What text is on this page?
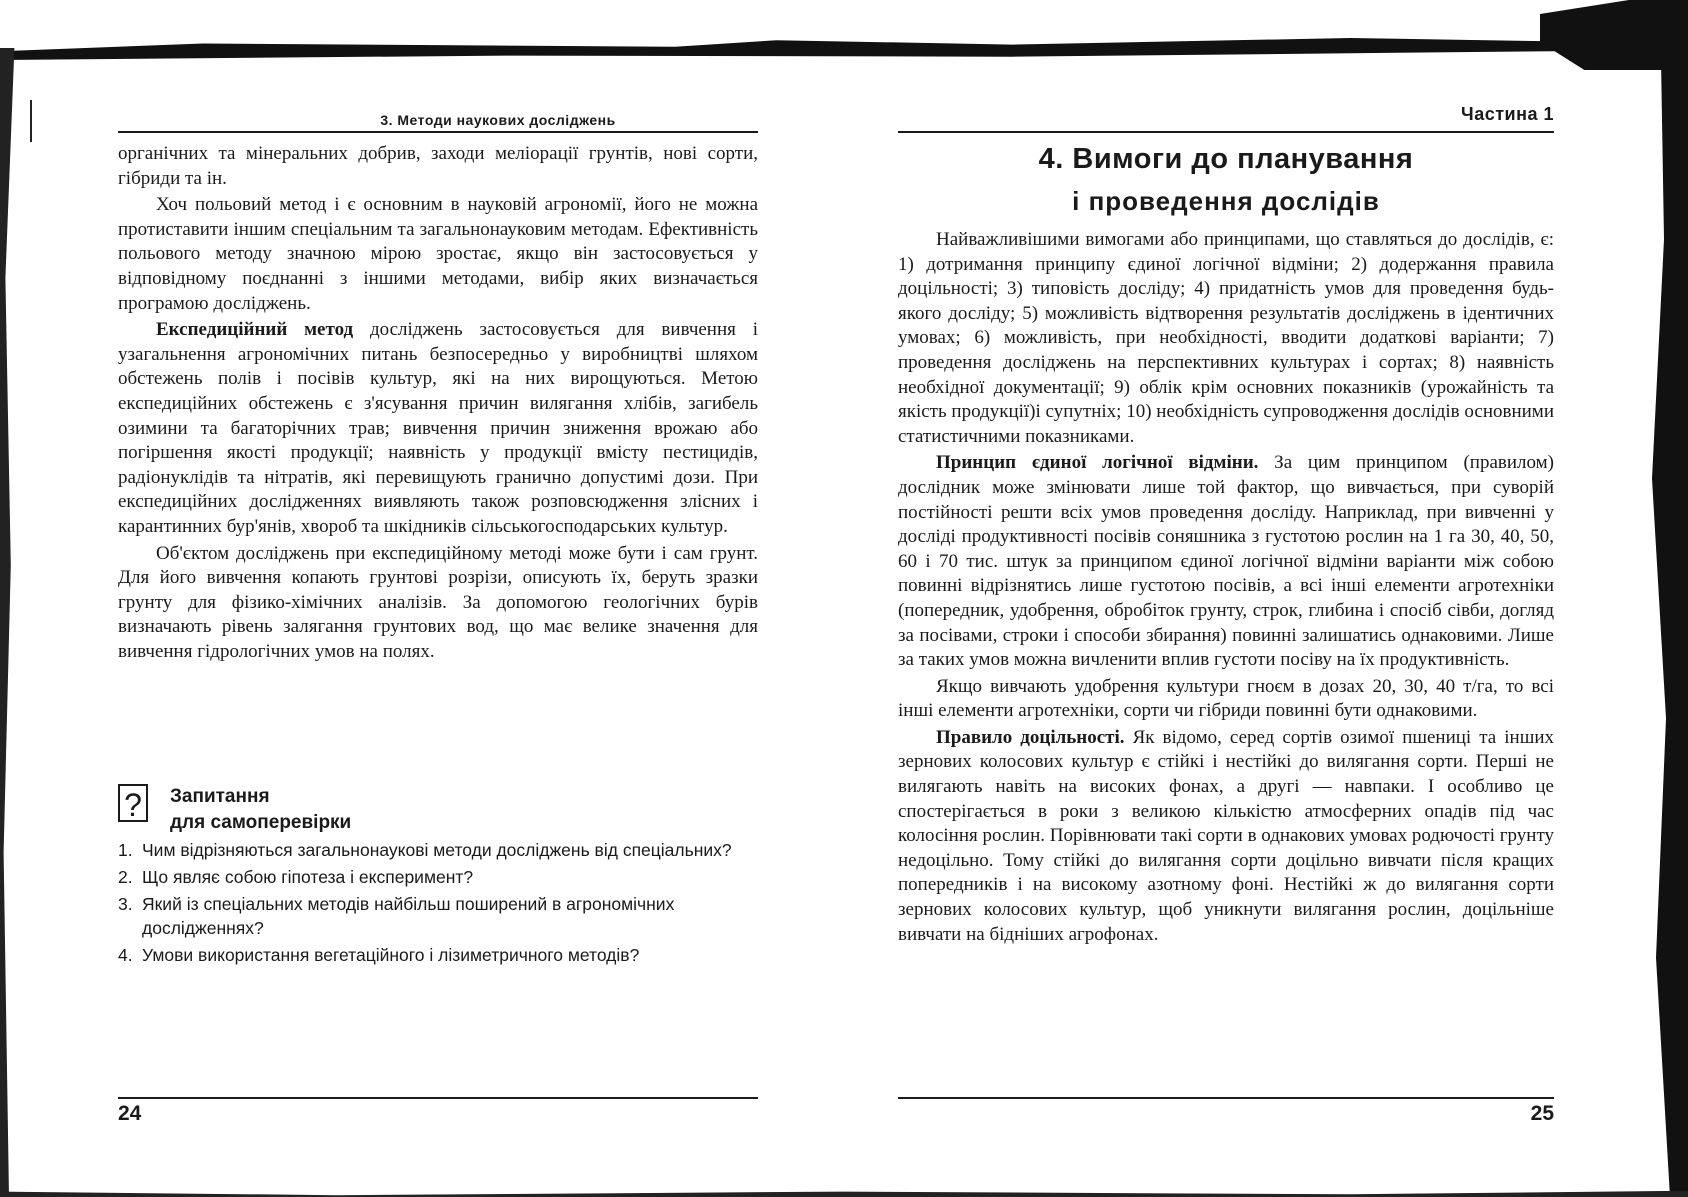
3. Методи наукових досліджень

органічних та мінеральних добрив, заходи меліорації грунтів, нові сорти, гібриди та ін.

Хоч польовий метод і є основним в науковій агрономії, його не можна протиставити іншим спеціальним та загальнонауковим методам. Ефективність польового методу значною мірою зростає, якщо він застосовується у відповідному поєднанні з іншими методами, вибір яких визначається програмою досліджень.

Експедиційний метод досліджень застосовується для вивчення і узагальнення агрономічних питань безпосередньо у виробництві шляхом обстежень полів і посівів культур, які на них вирощуються. Метою експедиційних обстежень є з'ясування причин вилягання хлібів, загибель озимини та багаторічних трав; вивчення причин зниження врожаю або погіршення якості продукції; наявність у продукції вмісту пестицидів, радіонуклідів та нітратів, які перевищують гранично допустимі дози. При експедиційних дослідженнях виявляють також розповсюдження злісних і карантинних бур'янів, хвороб та шкідників сільськогосподарських культур.

Об'єктом досліджень при експедиційному методі може бути і сам грунт. Для його вивчення копають грунтові розрізи, описують їх, беруть зразки грунту для фізико-хімічних аналізів. За допомогою геологічних бурів визначають рівень залягання грунтових вод, що має велике значення для вивчення гідрологічних умов на полях.

?	Запитання
для самоперевірки
1. Чим відрізняються загальнонаукові методи досліджень від спеціальних?
2. Що являє собою гіпотеза і експеримент?
3. Який із спеціальних методів найбільш поширений в агрономічних дослідженнях?
4. Умови використання вегетаційного і лізиметричного методів?
24
Частина 1
4. Вимоги до планування
і проведення дослідів

Найважливішими вимогами або принципами, що ставляться до дослідів, є: 1) дотримання принципу єдиної логічної відміни; 2) додержання правила доцільності; 3) типовість досліду; 4) придатність умов для проведення будь-якого досліду; 5) можливість відтворення результатів досліджень в ідентичних умовах; 6) можливість, при необхідності, вводити додаткові варіанти; 7) проведення досліджень на перспективних культурах і сортах; 8) наявність необхідної документації; 9) облік крім основних показників (урожайність та якість продукції)і супутніх; 10) необхідність супроводження дослідів основними статистичними показниками.

Принцип єдиної логічної відміни. За цим принципом (правилом) дослідник може змінювати лише той фактор, що вивчається, при суворій постійності решти всіх умов проведення досліду. Наприклад, при вивченні у досліді продуктивності посівів соняшника з густотою рослин на 1 га 30, 40, 50, 60 і 70 тис. штук за принципом єдиної логічної відміни варіанти між собою повинні відрізнятись лише густотою посівів, а всі інші елементи агротехніки (попередник, удобрення, обробіток грунту, строк, глибина і спосіб сівби, догляд за посівами, строки і способи збирання) повинні залишатись однаковими. Лише за таких умов можна вичленити вплив густоти посіву на їх продуктивність.

Якщо вивчають удобрення культури гноєм в дозах 20, 30, 40 т/га, то всі інші елементи агротехніки, сорти чи гібриди повинні бути однаковими.

Правило доцільності. Як відомо, серед сортів озимої пшениці та інших зернових колосових культур є стійкі і нестійкі до вилягання сорти. Перші не вилягають навіть на високих фонах, а другі — навпаки. І особливо це спостерігається в роки з великою кількістю атмосферних опадів під час колосіння рослин. Порівнювати такі сорти в однакових умовах родючості грунту недоцільно. Тому стійкі до вилягання сорти доцільно вивчати після кращих попередників і на високому азотному фоні. Нестійкі ж до вилягання сорти зернових колосових культур, щоб уникнути вилягання рослин, доцільніше вивчати на бідніших агрофонах.

25
